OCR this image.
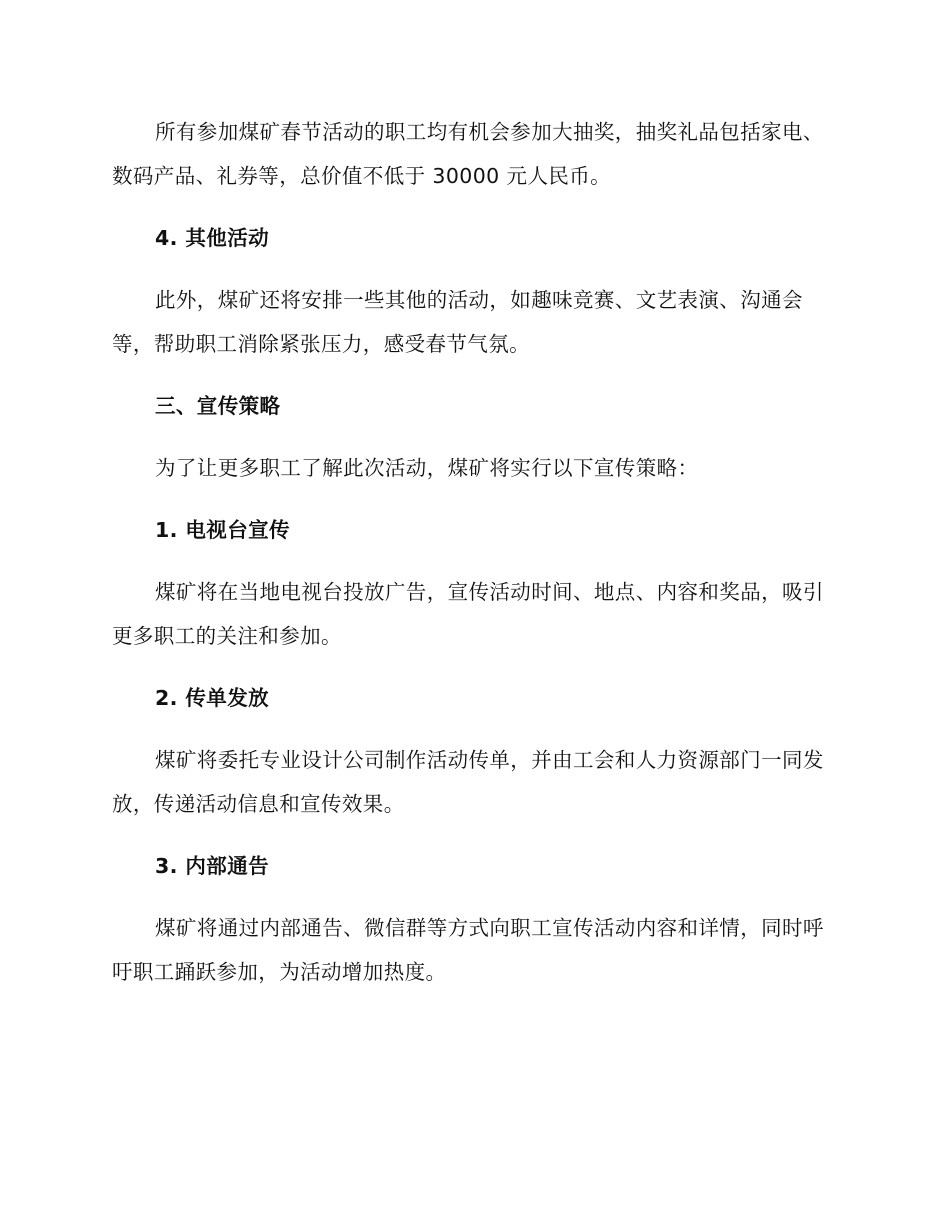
所有参加煤矿春节活动的职工均有机会参加大抽奖，抽奖礼品包括家电、数码产品、礼券等，总价值不低于 30000 元人民币。

4. 其他活动

此外，煤矿还将安排一些其他的活动，如趣味竞赛、文艺表演、沟通会等，帮助职工消除紧张压力，感受春节气氛。

三、宣传策略

为了让更多职工了解此次活动，煤矿将实行以下宣传策略：

1. 电视台宣传

煤矿将在当地电视台投放广告，宣传活动时间、地点、内容和奖品，吸引更多职工的关注和参加。

2. 传单发放

煤矿将委托专业设计公司制作活动传单，并由工会和人力资源部门一同发放，传递活动信息和宣传效果。

3. 内部通告

煤矿将通过内部通告、微信群等方式向职工宣传活动内容和详情，同时呼吁职工踊跃参加，为活动增加热度。
